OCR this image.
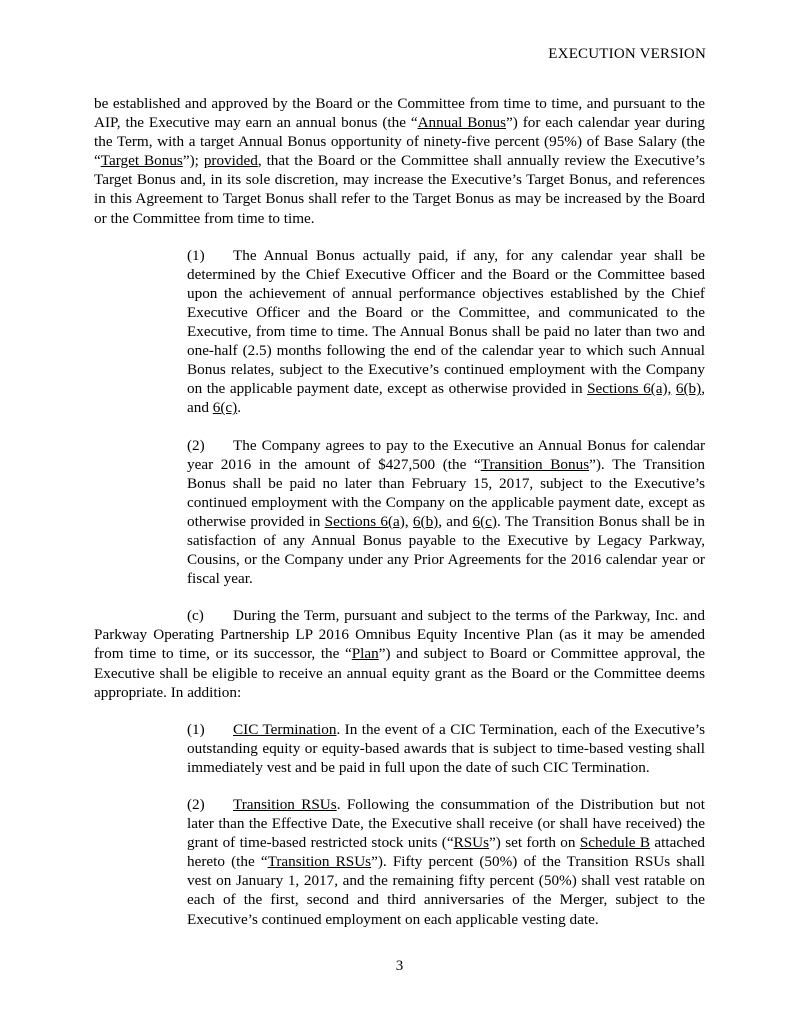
EXECUTION VERSION

be established and approved by the Board or the Committee from time to time, and pursuant to the AIP, the Executive may earn an annual bonus (the “Annual Bonus”) for each calendar year during the Term, with a target Annual Bonus opportunity of ninety-five percent (95%) of Base Salary (the “Target Bonus”); provided, that the Board or the Committee shall annually review the Executive’s Target Bonus and, in its sole discretion, may increase the Executive’s Target Bonus, and references in this Agreement to Target Bonus shall refer to the Target Bonus as may be increased by the Board or the Committee from time to time.

(1) The Annual Bonus actually paid, if any, for any calendar year shall be determined by the Chief Executive Officer and the Board or the Committee based upon the achievement of annual performance objectives established by the Chief Executive Officer and the Board or the Committee, and communicated to the Executive, from time to time. The Annual Bonus shall be paid no later than two and one-half (2.5) months following the end of the calendar year to which such Annual Bonus relates, subject to the Executive’s continued employment with the Company on the applicable payment date, except as otherwise provided in Sections 6(a), 6(b), and 6(c).

(2) The Company agrees to pay to the Executive an Annual Bonus for calendar year 2016 in the amount of $427,500 (the “Transition Bonus”). The Transition Bonus shall be paid no later than February 15, 2017, subject to the Executive’s continued employment with the Company on the applicable payment date, except as otherwise provided in Sections 6(a), 6(b), and 6(c). The Transition Bonus shall be in satisfaction of any Annual Bonus payable to the Executive by Legacy Parkway, Cousins, or the Company under any Prior Agreements for the 2016 calendar year or fiscal year.

(c) During the Term, pursuant and subject to the terms of the Parkway, Inc. and Parkway Operating Partnership LP 2016 Omnibus Equity Incentive Plan (as it may be amended from time to time, or its successor, the “Plan”) and subject to Board or Committee approval, the Executive shall be eligible to receive an annual equity grant as the Board or the Committee deems appropriate. In addition:

(1) CIC Termination. In the event of a CIC Termination, each of the Executive’s outstanding equity or equity-based awards that is subject to time-based vesting shall immediately vest and be paid in full upon the date of such CIC Termination.

(2) Transition RSUs. Following the consummation of the Distribution but not later than the Effective Date, the Executive shall receive (or shall have received) the grant of time-based restricted stock units (“RSUs”) set forth on Schedule B attached hereto (the “Transition RSUs”). Fifty percent (50%) of the Transition RSUs shall vest on January 1, 2017, and the remaining fifty percent (50%) shall vest ratable on each of the first, second and third anniversaries of the Merger, subject to the Executive’s continued employment on each applicable vesting date.

3
